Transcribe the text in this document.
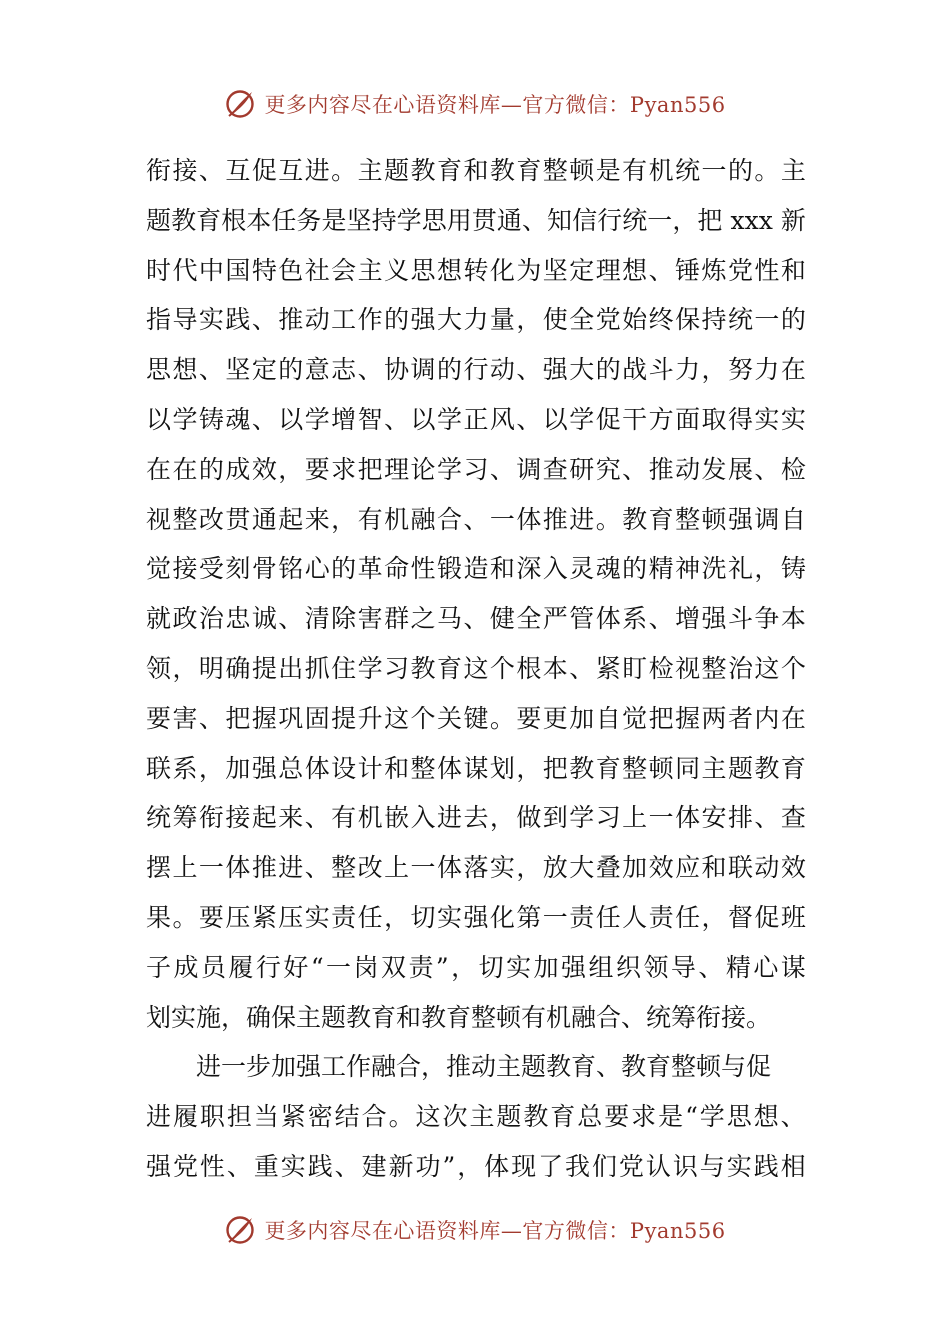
更多内容尽在心语资料库—官方微信：Pyan556
衔 接 、 互 促 互 进 。 主 题 教 育 和 教 育 整 顿 是 有 机 统 一 的 。 主
题 教 育 根 本 任 务 是 坚 持 学 思 用 贯 通 、 知 信 行 统 一 ， 把
x x x
新
时 代 中 国 特 色 社 会 主 义 思 想 转 化 为 坚 定 理 想 、 锤 炼 党 性 和
指 导 实 践 、 推 动 工 作 的 强 大 力 量 ， 使 全 党 始 终 保 持 统 一 的
思 想 、 坚 定 的 意 志 、 协 调 的 行 动 、 强 大 的 战 斗 力 ， 努 力 在
以 学 铸 魂 、 以 学 增 智 、 以 学 正 风 、 以 学 促 干 方 面 取 得 实 实
在 在 的 成 效 ， 要 求 把 理 论 学 习 、 调 查 研 究 、 推 动 发 展 、 检
视 整 改 贯 通 起 来 ， 有 机 融 合 、 一 体 推 进 。 教 育 整 顿 强 调 自
觉 接 受 刻 骨 铭 心 的 革 命 性 锻 造 和 深 入 灵 魂 的 精 神 洗 礼 ， 铸
就 政 治 忠 诚 、 清 除 害 群 之 马 、 健 全 严 管 体 系 、 增 强 斗 争 本
领 ， 明 确 提 出 抓 住 学 习 教 育 这 个 根 本 、 紧 盯 检 视 整 治 这 个
要 害 、 把 握 巩 固 提 升 这 个 关 键 。 要 更 加 自 觉 把 握 两 者 内 在
联 系 ， 加 强 总 体 设 计 和 整 体 谋 划 ， 把 教 育 整 顿 同 主 题 教 育
统 筹 衔 接 起 来 、 有 机 嵌 入 进 去 ， 做 到 学 习 上 一 体 安 排 、 查
摆 上 一 体 推 进 、 整 改 上 一 体 落 实 ， 放 大 叠 加 效 应 和 联 动 效
果 。 要 压 紧 压 实 责 任 ， 切 实 强 化 第 一 责 任 人 责 任 ， 督 促 班
子 成 员 履 行 好 “ 一 岗 双 责 ” ， 切 实 加 强 组 织 领 导 、 精 心 谋
划实施，确保主题教育和教育整顿有机融合、统筹衔接。
进一步加强工作融合，推动主题教育、教育整顿与促
进 履 职 担 当 紧 密 结 合 。 这 次 主 题 教 育 总 要 求 是 “ 学 思 想 、
强 党 性 、 重 实 践 、 建 新 功 ” ， 体 现 了 我 们 党 认 识 与 实 践 相
更多内容尽在心语资料库—官方微信：Pyan556
